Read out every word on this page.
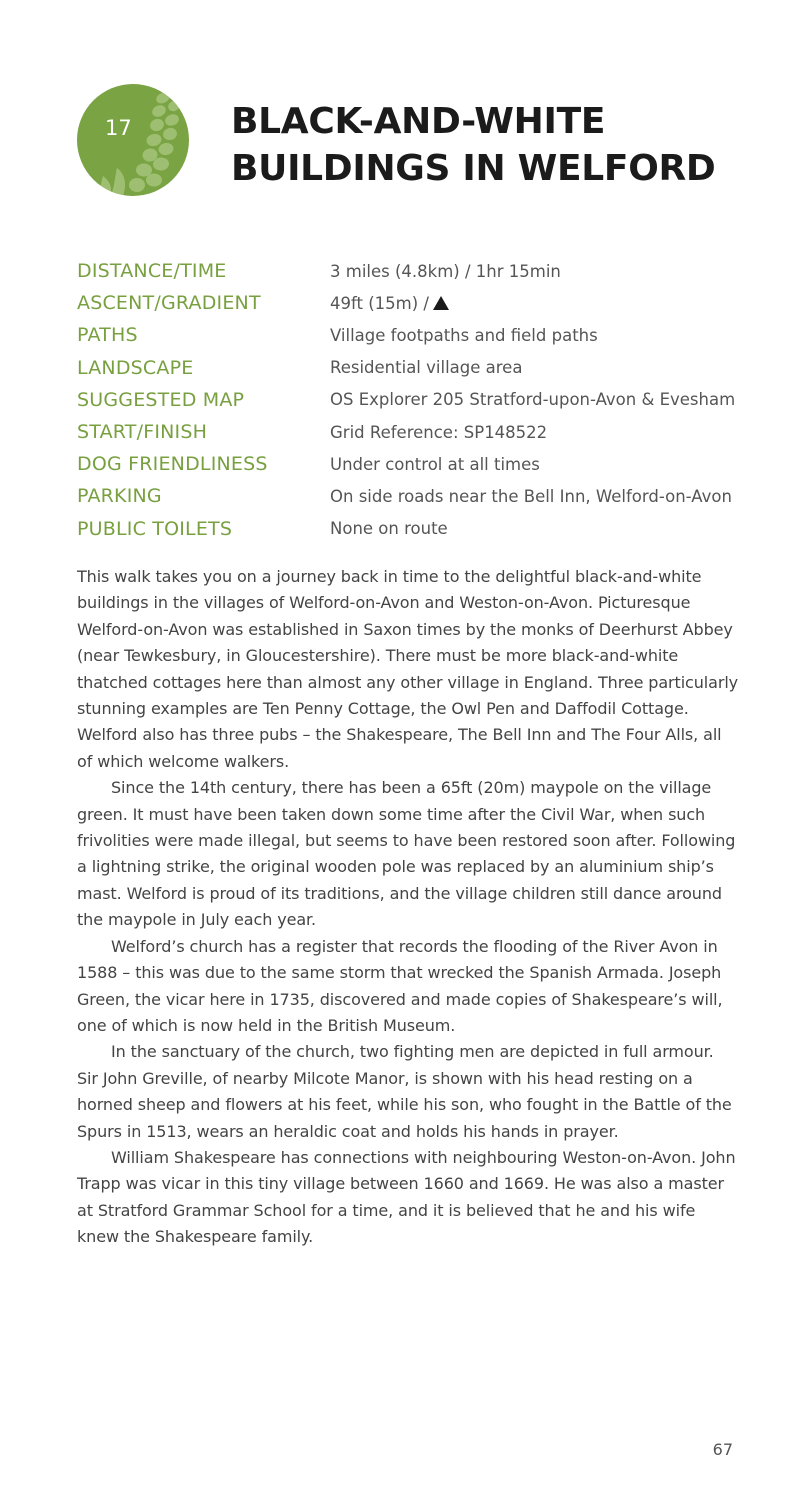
17	BLACK-AND-WHITE
BUILDINGS IN WELFORD
DISTANCE/TIME	3 miles (4.8km) / 1hr 15min
ASCENT/GRADIENT	49ft (15m) /
PATHS	Village footpaths and field paths
LANDSCAPE	Residential village area
SUGGESTED MAP	OS Explorer 205 Stratford-upon-Avon & Evesham
START/FINISH	Grid Reference: SP148522
DOG FRIENDLINESS	Under control at all times
PARKING	On side roads near the Bell Inn, Welford-on-Avon
PUBLIC TOILETS	None on route

This walk takes you on a journey back in time to the delightful black-and-white buildings in the villages of Welford-on-Avon and Weston-on-Avon. Picturesque Welford-on-Avon was established in Saxon times by the monks of Deerhurst Abbey (near Tewkesbury, in Gloucestershire). There must be more black-and-white thatched cottages here than almost any other village in England. Three particularly stunning examples are Ten Penny Cottage, the Owl Pen and Daffodil Cottage. Welford also has three pubs – the Shakespeare, The Bell Inn and The Four Alls, all of which welcome walkers.

Since the 14th century, there has been a 65ft (20m) maypole on the village green. It must have been taken down some time after the Civil War, when such frivolities were made illegal, but seems to have been restored soon after. Following a lightning strike, the original wooden pole was replaced by an aluminium ship’s mast. Welford is proud of its traditions, and the village children still dance around the maypole in July each year.

Welford’s church has a register that records the flooding of the River Avon in 1588 – this was due to the same storm that wrecked the Spanish Armada. Joseph Green, the vicar here in 1735, discovered and made copies of Shakespeare’s will, one of which is now held in the British Museum.

In the sanctuary of the church, two fighting men are depicted in full armour. Sir John Greville, of nearby Milcote Manor, is shown with his head resting on a horned sheep and flowers at his feet, while his son, who fought in the Battle of the Spurs in 1513, wears an heraldic coat and holds his hands in prayer.

William Shakespeare has connections with neighbouring Weston-on-Avon. John Trapp was vicar in this tiny village between 1660 and 1669. He was also a master at Stratford Grammar School for a time, and it is believed that he and his wife knew the Shakespeare family.

67
